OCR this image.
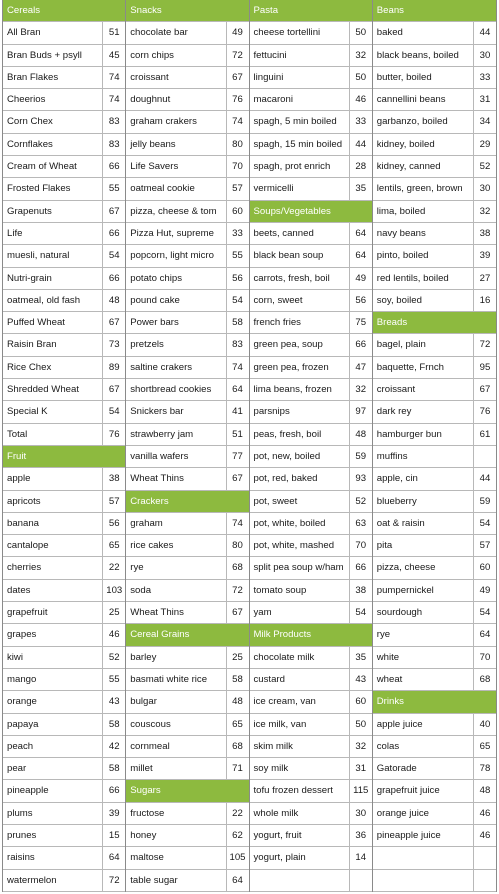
Cereals
All Bran	51
Bran Buds + psyll	45
Bran Flakes	74
Cheerios	74
Corn Chex	83
Cornflakes	83
Cream of Wheat	66
Frosted Flakes	55
Grapenuts	67
Life	66
muesli, natural	54
Nutri-grain	66
oatmeal, old fash	48
Puffed Wheat	67
Raisin Bran	73
Rice Chex	89
Shredded Wheat	67
Special K	54
Total	76
Fruit
apple	38
apricots	57
banana	56
cantalope	65
cherries	22
dates	103
grapefruit	25
grapes	46
kiwi	52
mango	55
orange	43
papaya	58
peach	42
pear	58
pineapple	66
plums	39
prunes	15
raisins	64
watermelon	72
Snacks
chocolate bar	49
corn chips	72
croissant	67
doughnut	76
graham crakers	74
jelly beans	80
Life Savers	70
oatmeal cookie	57
pizza, cheese & tom	60
Pizza Hut, supreme	33
popcorn, light micro	55
potato chips	56
pound cake	54
Power bars	58
pretzels	83
saltine crakers	74
shortbread cookies	64
Snickers bar	41
strawberry jam	51
vanilla wafers	77
Wheat Thins	67
Crackers
graham	74
rice cakes	80
rye	68
soda	72
Wheat Thins	67
Cereal Grains
barley	25
basmati white rice	58
bulgar	48
couscous	65
cornmeal	68
millet	71
Sugars
fructose	22
honey	62
maltose	105
table sugar	64
Pasta
cheese tortellini	50
fettucini	32
linguini	50
macaroni	46
spagh, 5 min boiled	33
spagh, 15 min boiled	44
spagh, prot enrich	28
vermicelli	35
Soups/Vegetables
beets, canned	64
black bean soup	64
carrots, fresh, boil	49
corn, sweet	56
french fries	75
green pea, soup	66
green pea, frozen	47
lima beans, frozen	32
parsnips	97
peas, fresh, boil	48
pot, new, boiled	59
pot, red, baked	93
pot, sweet	52
pot, white, boiled	63
pot, white, mashed	70
split pea soup w/ham	66
tomato soup	38
yam	54
Milk Products
chocolate milk	35
custard	43
ice cream, van	60
ice milk, van	50
skim milk	32
soy milk	31
tofu frozen dessert	115
whole milk	30
yogurt, fruit	36
yogurt, plain	14
Beans
baked	44
black beans, boiled	30
butter, boiled	33
cannellini beans	31
garbanzo, boiled	34
kidney, boiled	29
kidney, canned	52
lentils, green, brown	30
lima, boiled	32
navy beans	38
pinto, boiled	39
red lentils, boiled	27
soy, boiled	16
Breads
bagel, plain	72
baquette, Frnch	95
croissant	67
dark rey	76
hamburger bun	61
muffins
apple, cin	44
blueberry	59
oat & raisin	54
pita	57
pizza, cheese	60
pumpernickel	49
sourdough	54
rye	64
white	70
wheat	68
Drinks
apple juice	40
colas	65
Gatorade	78
grapefruit juice	48
orange juice	46
pineapple juice	46
